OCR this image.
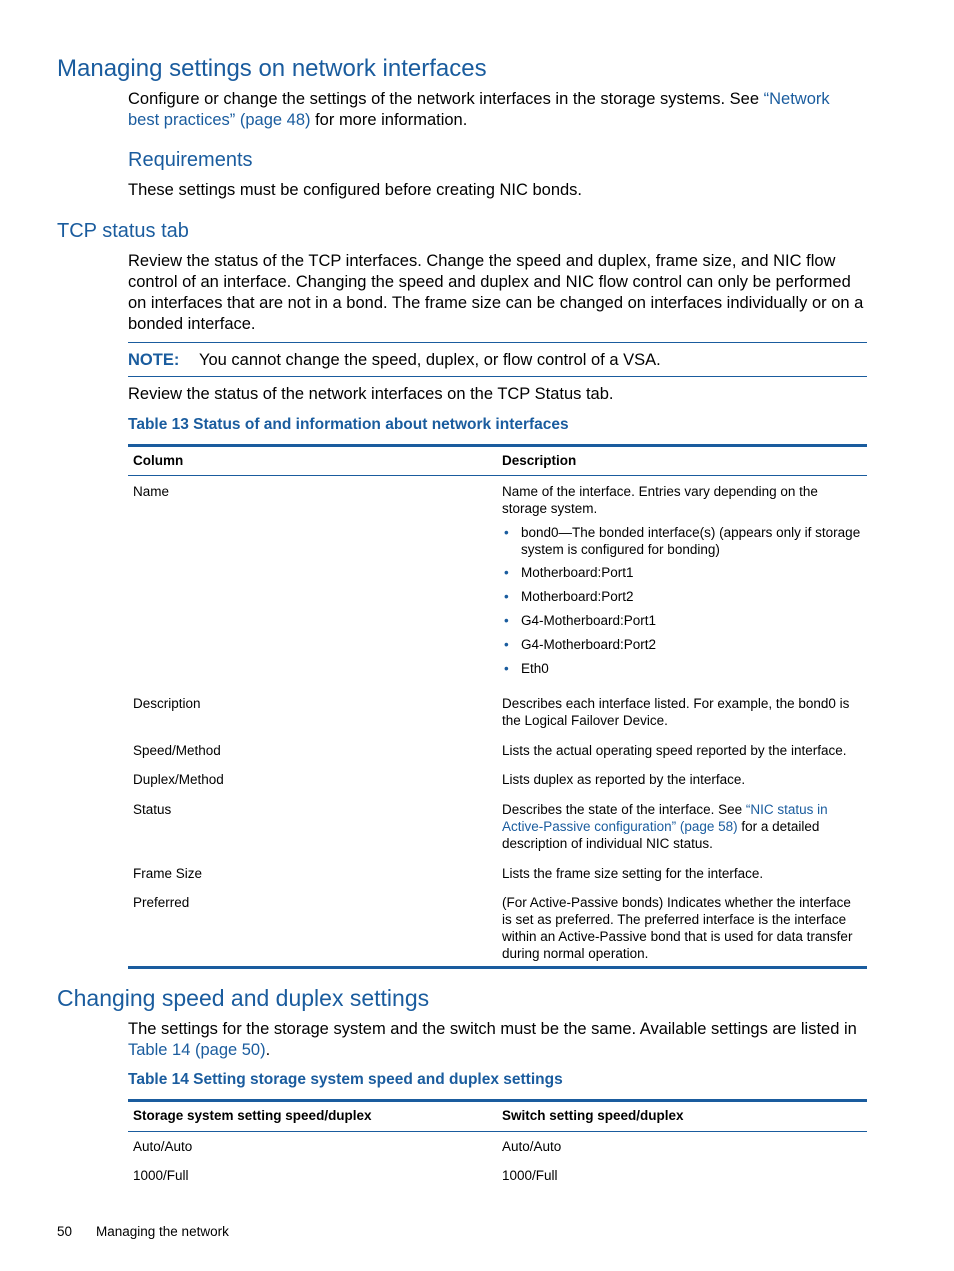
Managing settings on network interfaces
Configure or change the settings of the network interfaces in the storage systems. See “Network best practices” (page 48) for more information.
Requirements
These settings must be configured before creating NIC bonds.
TCP status tab
Review the status of the TCP interfaces. Change the speed and duplex, frame size, and NIC flow control of an interface. Changing the speed and duplex and NIC flow control can only be performed on interfaces that are not in a bond. The frame size can be changed on interfaces individually or on a bonded interface.
NOTE: You cannot change the speed, duplex, or flow control of a VSA.
Review the status of the network interfaces on the TCP Status tab.
Table 13 Status of and information about network interfaces
Column	Description
Name	Name of the interface. Entries vary depending on the storage system.
• bond0—The bonded interface(s) (appears only if storage system is configured for bonding)
• Motherboard:Port1
• Motherboard:Port2
• G4-Motherboard:Port1
• G4-Motherboard:Port2
• Eth0
Description	Describes each interface listed. For example, the bond0 is the Logical Failover Device.
Speed/Method	Lists the actual operating speed reported by the interface.
Duplex/Method	Lists duplex as reported by the interface.
Status	Describes the state of the interface. See “NIC status in Active-Passive configuration” (page 58) for a detailed description of individual NIC status.
Frame Size	Lists the frame size setting for the interface.
Preferred	(For Active-Passive bonds) Indicates whether the interface is set as preferred. The preferred interface is the interface within an Active-Passive bond that is used for data transfer during normal operation.
Changing speed and duplex settings
The settings for the storage system and the switch must be the same. Available settings are listed in Table 14 (page 50).
Table 14 Setting storage system speed and duplex settings
Storage system setting speed/duplex	Switch setting speed/duplex
Auto/Auto	Auto/Auto
1000/Full	1000/Full
50 Managing the network
